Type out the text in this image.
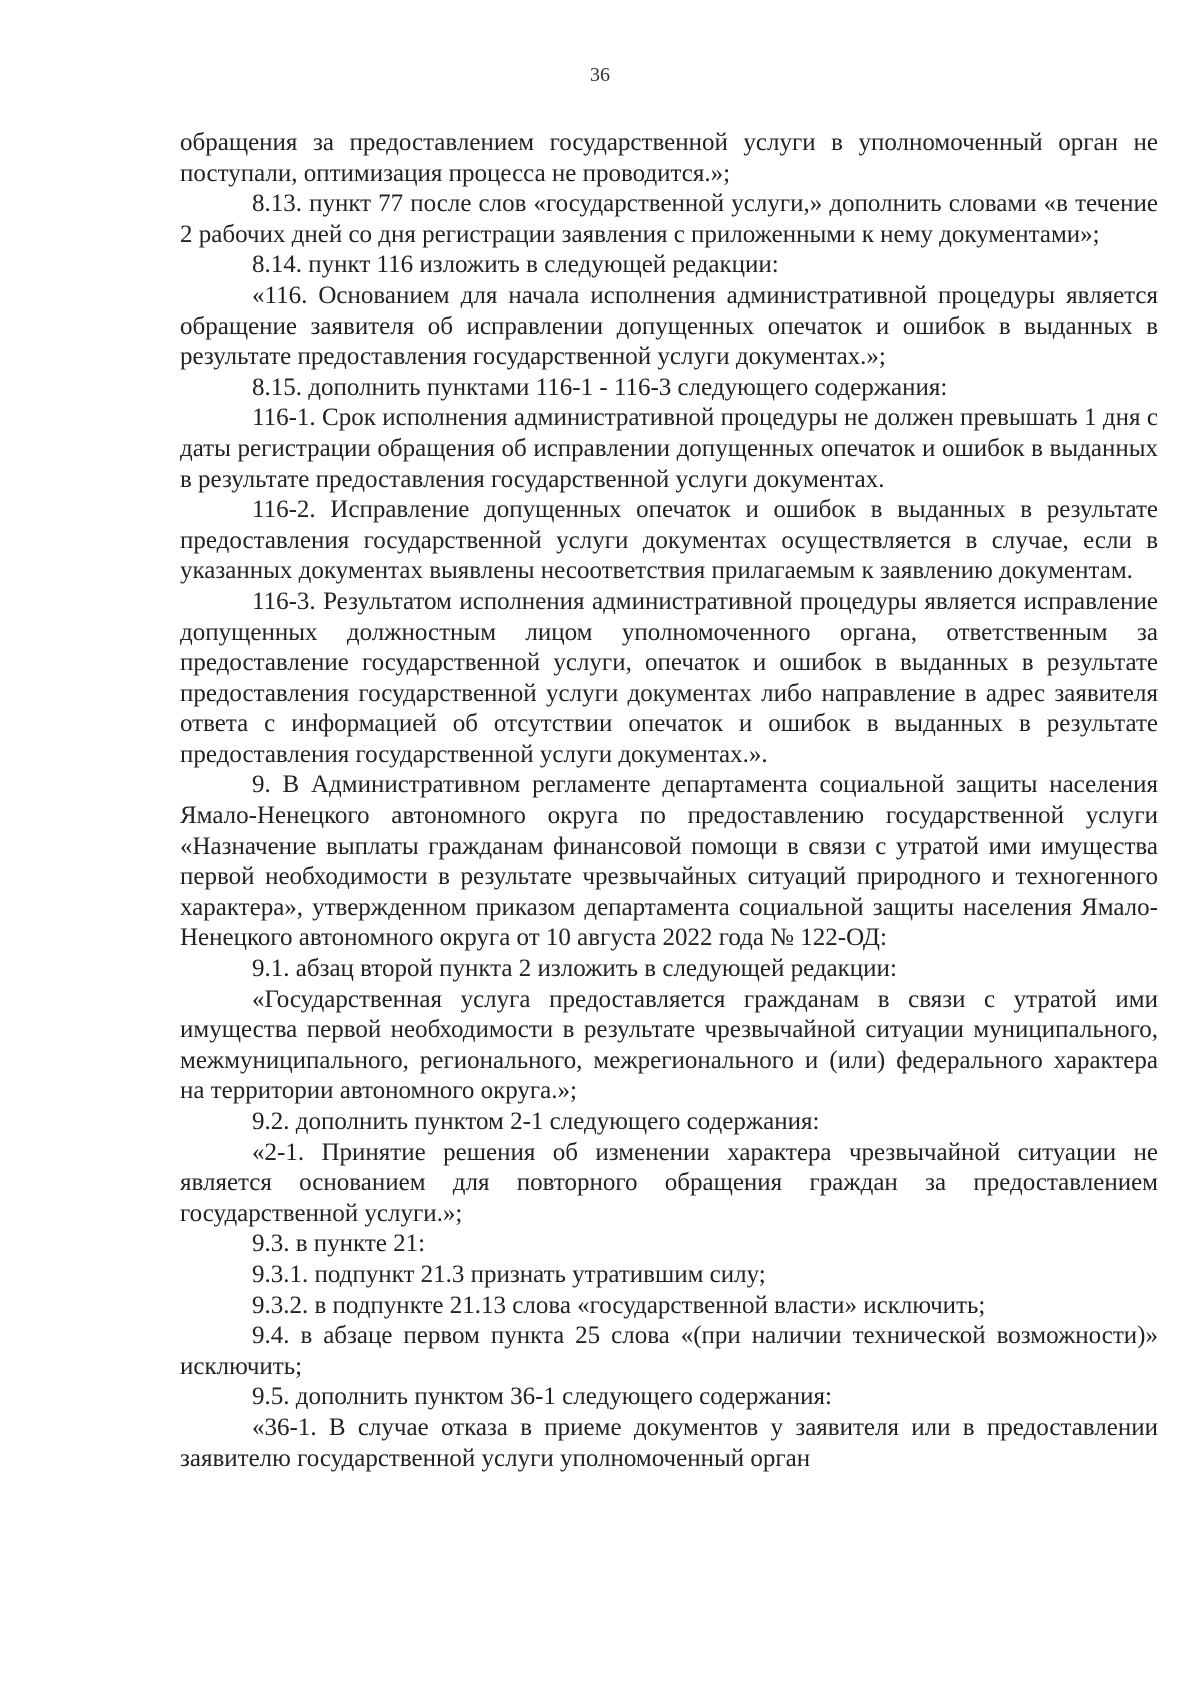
36

обращения за предоставлением государственной услуги в уполномоченный орган не поступали, оптимизация процесса не проводится.»;

8.13. пункт 77 после слов «государственной услуги,» дополнить словами «в течение 2 рабочих дней со дня регистрации заявления с приложенными к нему документами»;

8.14. пункт 116 изложить в следующей редакции:

«116. Основанием для начала исполнения административной процедуры является обращение заявителя об исправлении допущенных опечаток и ошибок в выданных в результате предоставления государственной услуги документах.»;

8.15. дополнить пунктами 116-1 - 116-3 следующего содержания:

116-1. Срок исполнения административной процедуры не должен превышать 1 дня с даты регистрации обращения об исправлении допущенных опечаток и ошибок в выданных в результате предоставления государственной услуги документах.

116-2. Исправление допущенных опечаток и ошибок в выданных в результате предоставления государственной услуги документах осуществляется в случае, если в указанных документах выявлены несоответствия прилагаемым к заявлению документам.

116-3. Результатом исполнения административной процедуры является исправление допущенных должностным лицом уполномоченного органа, ответственным за предоставление государственной услуги, опечаток и ошибок в выданных в результате предоставления государственной услуги документах либо направление в адрес заявителя ответа с информацией об отсутствии опечаток и ошибок в выданных в результате предоставления государственной услуги документах.».

9. В Административном регламенте департамента социальной защиты населения Ямало-Ненецкого автономного округа по предоставлению государственной услуги «Назначение выплаты гражданам финансовой помощи в связи с утратой ими имущества первой необходимости в результате чрезвычайных ситуаций природного и техногенного характера», утвержденном приказом департамента социальной защиты населения Ямало-Ненецкого автономного округа от 10 августа 2022 года № 122-ОД:

9.1. абзац второй пункта 2 изложить в следующей редакции:

«Государственная услуга предоставляется гражданам в связи с утратой ими имущества первой необходимости в результате чрезвычайной ситуации муниципального, межмуниципального, регионального, межрегионального и (или) федерального характера на территории автономного округа.»;

9.2. дополнить пунктом 2-1 следующего содержания:

«2-1. Принятие решения об изменении характера чрезвычайной ситуации не является основанием для повторного обращения граждан за предоставлением государственной услуги.»;

9.3. в пункте 21:

9.3.1. подпункт 21.3 признать утратившим силу;

9.3.2. в подпункте 21.13 слова «государственной власти» исключить;

9.4. в абзаце первом пункта 25 слова «(при наличии технической возможности)» исключить;

9.5. дополнить пунктом 36-1 следующего содержания:

«36-1. В случае отказа в приеме документов у заявителя или в предоставлении заявителю государственной услуги уполномоченный орган
